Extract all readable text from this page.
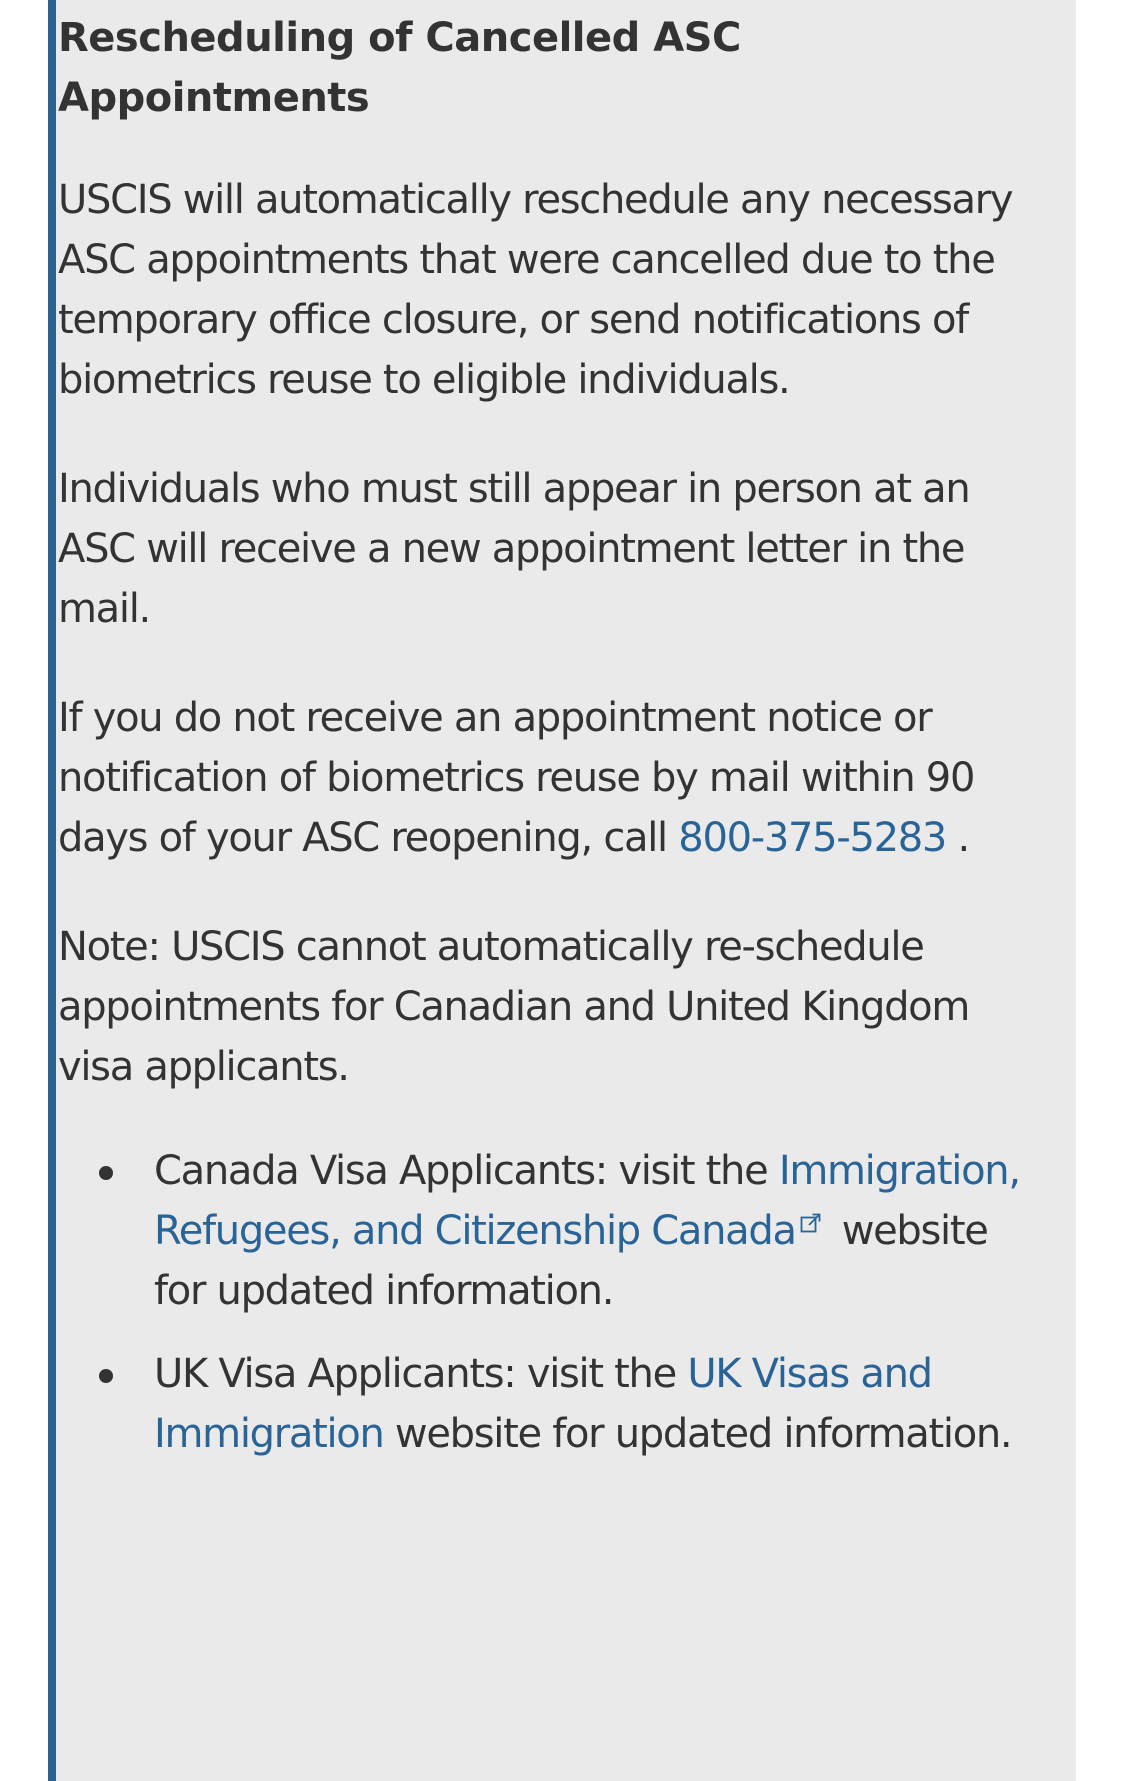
Rescheduling of Cancelled ASC Appointments

USCIS will automatically reschedule any necessary ASC appointments that were cancelled due to the temporary office closure, or send notifications of biometrics reuse to eligible individuals.

Individuals who must still appear in person at an ASC will receive a new appointment letter in the mail.

If you do not receive an appointment notice or notification of biometrics reuse by mail within 90 days of your ASC reopening, call 800-375-5283 .

Note: USCIS cannot automatically re-schedule appointments for Canadian and United Kingdom visa applicants.

Canada Visa Applicants: visit the Immigration, Refugees, and Citizenship Canada website for updated information.
UK Visa Applicants: visit the UK Visas and Immigration website for updated information.
